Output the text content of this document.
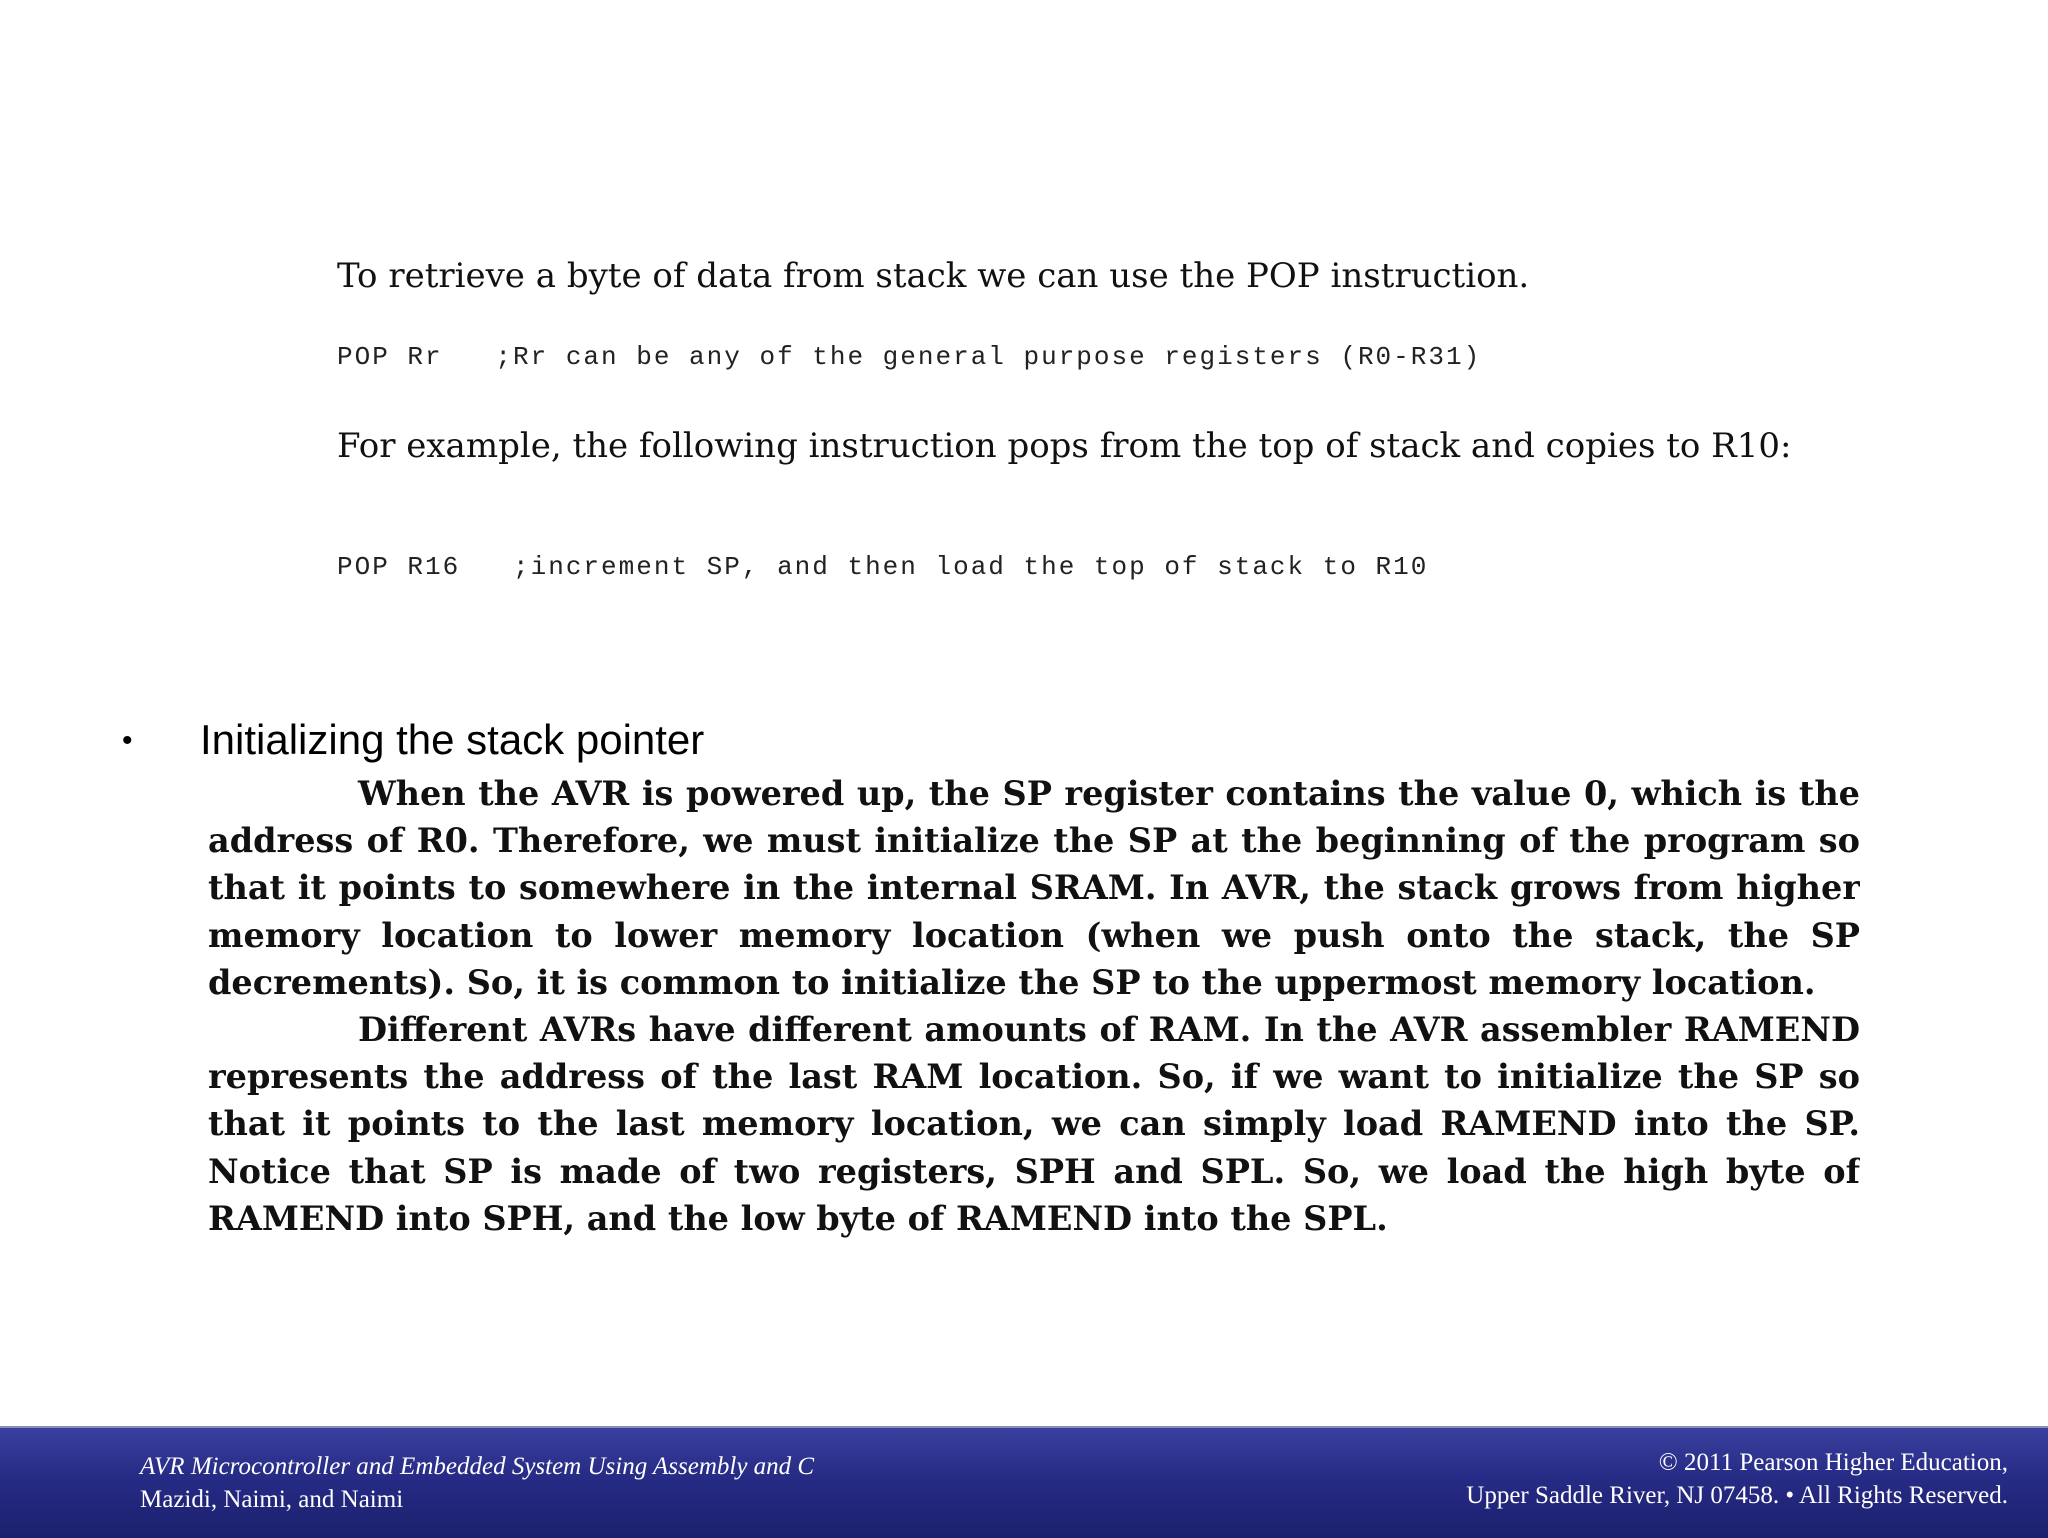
To retrieve a byte of data from stack we can use the POP instruction.

POP Rr   ;Rr can be any of the general purpose registers (R0-R31)

For example, the following instruction pops from the top of stack and copies to R10:

POP R16   ;increment SP, and then load the top of stack to R10

•	Initializing the stack pointer

When the AVR is powered up, the SP register contains the value 0, which is the address of R0. Therefore, we must initialize the SP at the beginning of the program so that it points to somewhere in the internal SRAM. In AVR, the stack grows from higher memory location to lower memory location (when we push onto the stack, the SP decrements). So, it is common to initialize the SP to the uppermost memory location.

Different AVRs have different amounts of RAM. In the AVR assembler RAMEND represents the address of the last RAM location. So, if we want to initialize the SP so that it points to the last memory location, we can simply load RAMEND into the SP. Notice that SP is made of two registers, SPH and SPL. So, we load the high byte of RAMEND into SPH, and the low byte of RAMEND into the SPL.

AVR Microcontroller and Embedded System Using Assembly and C
Mazidi, Naimi, and Naimi
© 2011 Pearson Higher Education,
Upper Saddle River, NJ 07458. • All Rights Reserved.
